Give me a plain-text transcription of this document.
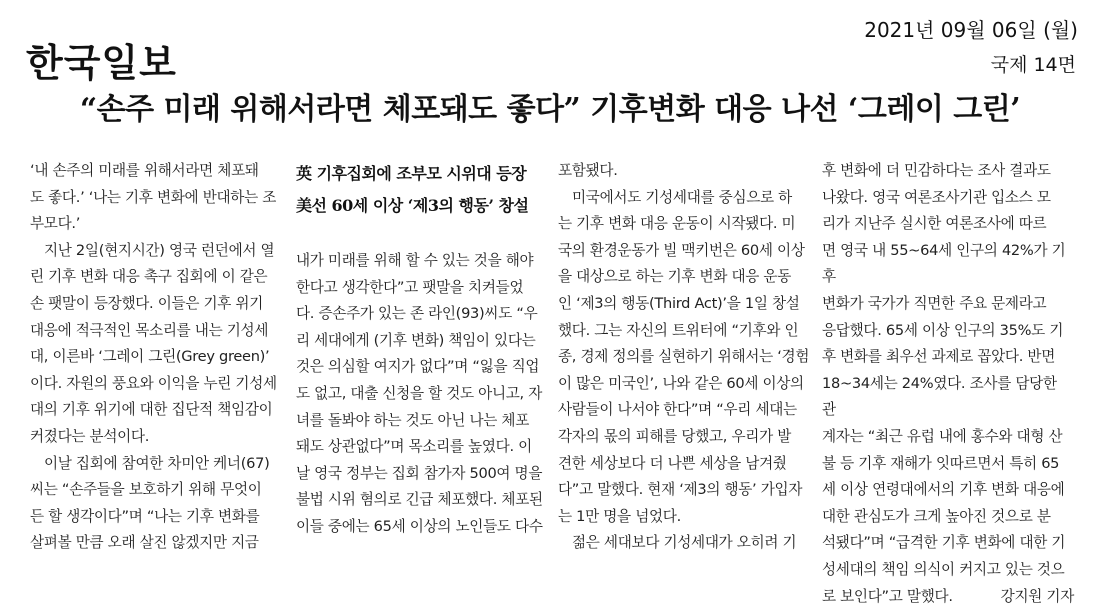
한국일보
2021년 09월 06일 (월)
국제 14면
“손주 미래 위해서라면 체포돼도 좋다” 기후변화 대응 나선 ‘그레이 그린’

‘내 손주의 미래를 위해서라면 체포돼
도 좋다.’ ‘나는 기후 변화에 반대하는 조
부모다.’

지난 2일(현지시간) 영국 런던에서 열
린 기후 변화 대응 촉구 집회에 이 같은
손 팻말이 등장했다. 이들은 기후 위기
대응에 적극적인 목소리를 내는 기성세
대, 이른바 ‘그레이 그린(Grey green)’
이다. 자원의 풍요와 이익을 누린 기성세
대의 기후 위기에 대한 집단적 책임감이
커졌다는 분석이다.

이날 집회에 참여한 차미안 케너(67)
씨는 “손주들을 보호하기 위해 무엇이
든 할 생각이다”며 “나는 기후 변화를
살펴볼 만큼 오래 살진 않겠지만 지금

英 기후집회에 조부모 시위대 등장
美선 60세 이상 ‘제3의 행동’ 창설

내가 미래를 위해 할 수 있는 것을 해야
한다고 생각한다”고 팻말을 치켜들었
다. 증손주가 있는 존 라인(93)씨도 “우
리 세대에게 (기후 변화) 책임이 있다는
것은 의심할 여지가 없다”며 “잃을 직업
도 없고, 대출 신청을 할 것도 아니고, 자
녀를 돌봐야 하는 것도 아닌 나는 체포
돼도 상관없다”며 목소리를 높였다. 이
날 영국 정부는 집회 참가자 500여 명을
불법 시위 혐의로 긴급 체포했다. 체포된
이들 중에는 65세 이상의 노인들도 다수

포함됐다.

미국에서도 기성세대를 중심으로 하
는 기후 변화 대응 운동이 시작됐다. 미
국의 환경운동가 빌 맥키번은 60세 이상
을 대상으로 하는 기후 변화 대응 운동
인 ‘제3의 행동(Third Act)’을 1일 창설
했다. 그는 자신의 트위터에 “기후와 인
종, 경제 정의를 실현하기 위해서는 ‘경험
이 많은 미국인’, 나와 같은 60세 이상의
사람들이 나서야 한다”며 “우리 세대는
각자의 몫의 피해를 당했고, 우리가 발
견한 세상보다 더 나쁜 세상을 남겨줬
다”고 말했다. 현재 ‘제3의 행동’ 가입자
는 1만 명을 넘었다.

젊은 세대보다 기성세대가 오히려 기

후 변화에 더 민감하다는 조사 결과도
나왔다. 영국 여론조사기관 입소스 모
리가 지난주 실시한 여론조사에 따르
면 영국 내 55~64세 인구의 42%가 기후
변화가 국가가 직면한 주요 문제라고
응답했다. 65세 이상 인구의 35%도 기
후 변화를 최우선 과제로 꼽았다. 반면
18~34세는 24%였다. 조사를 담당한 관
계자는 “최근 유럽 내에 홍수와 대형 산
불 등 기후 재해가 잇따르면서 특히 65
세 이상 연령대에서의 기후 변화 대응에
대한 관심도가 크게 높아진 것으로 분
석됐다”며 “급격한 기후 변화에 대한 기
성세대의 책임 의식이 커지고 있는 것으

로 보인다”고 말했다.	강지원 기자
